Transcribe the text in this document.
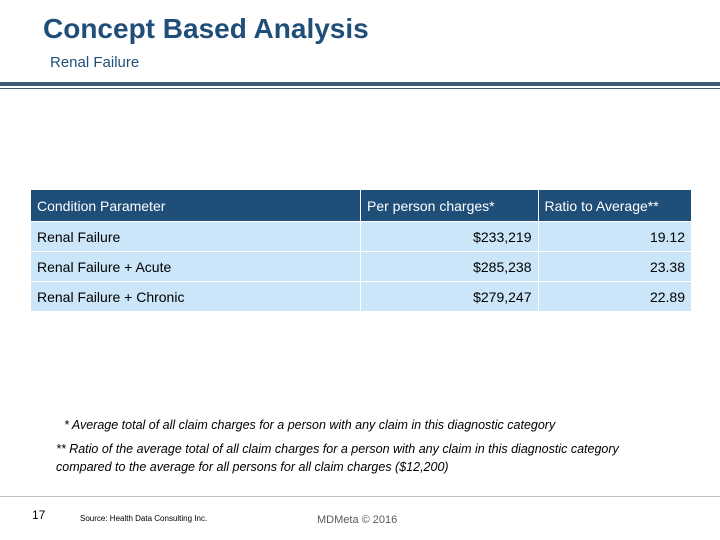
Concept Based Analysis
Renal Failure
Condition Parameter	Per person charges*	Ratio to Average**
Renal Failure	$233,219	19.12
Renal Failure + Acute	$285,238	23.38
Renal Failure + Chronic	$279,247	22.89
* Average total of all claim charges for a person with any claim in this diagnostic category
** Ratio of the average total of all claim charges for a person with any claim in this diagnostic category compared to the average for all persons for all claim charges ($12,200)
17	Source: Health Data Consulting Inc.	MDMeta © 2016
